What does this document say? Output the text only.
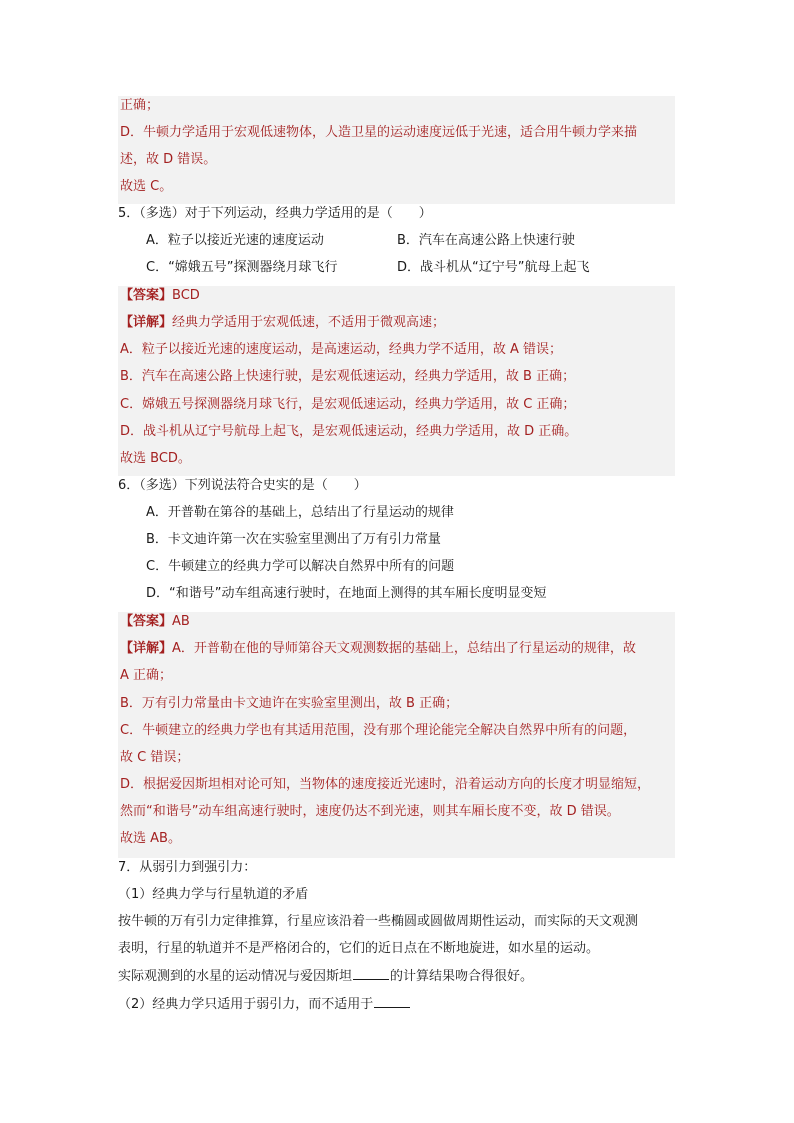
正确；
D．牛顿力学适用于宏观低速物体，人造卫星的运动速度远低于光速，适合用牛顿力学来描
述，故 D 错误。
故选 C。
5．（多选）对于下列运动，经典力学适用的是（　　）
A．粒子以接近光速的速度运动	B．汽车在高速公路上快速行驶
C．“嫦娥五号”探测器绕月球飞行	D．战斗机从“辽宁号”航母上起飞
【答案】BCD
【详解】经典力学适用于宏观低速，不适用于微观高速；
A．粒子以接近光速的速度运动，是高速运动，经典力学不适用，故 A 错误；
B．汽车在高速公路上快速行驶，是宏观低速运动，经典力学适用，故 B 正确；
C．嫦娥五号探测器绕月球飞行，是宏观低速运动，经典力学适用，故 C 正确；
D．战斗机从辽宁号航母上起飞，是宏观低速运动，经典力学适用，故 D 正确。
故选 BCD。
6．（多选）下列说法符合史实的是（　　）
A．开普勒在第谷的基础上，总结出了行星运动的规律
B．卡文迪许第一次在实验室里测出了万有引力常量
C．牛顿建立的经典力学可以解决自然界中所有的问题
D．“和谐号”动车组高速行驶时，在地面上测得的其车厢长度明显变短
【答案】AB
【详解】A．开普勒在他的导师第谷天文观测数据的基础上，总结出了行星运动的规律，故
A 正确；
B．万有引力常量由卡文迪许在实验室里测出，故 B 正确；
C．牛顿建立的经典力学也有其适用范围，没有那个理论能完全解决自然界中所有的问题，
故 C 错误；
D．根据爱因斯坦相对论可知，当物体的速度接近光速时，沿着运动方向的长度才明显缩短，
然而“和谐号”动车组高速行驶时，速度仍达不到光速，则其车厢长度不变，故 D 错误。
故选 AB。
7．从弱引力到强引力：
（1）经典力学与行星轨道的矛盾
按牛顿的万有引力定律推算，行星应该沿着一些椭圆或圆做周期性运动，而实际的天文观测
表明，行星的轨道并不是严格闭合的，它们的近日点在不断地旋进，如水星的运动。
实际观测到的水星的运动情况与爱因斯坦	的计算结果吻合得很好。
（2）经典力学只适用于弱引力，而不适用于
